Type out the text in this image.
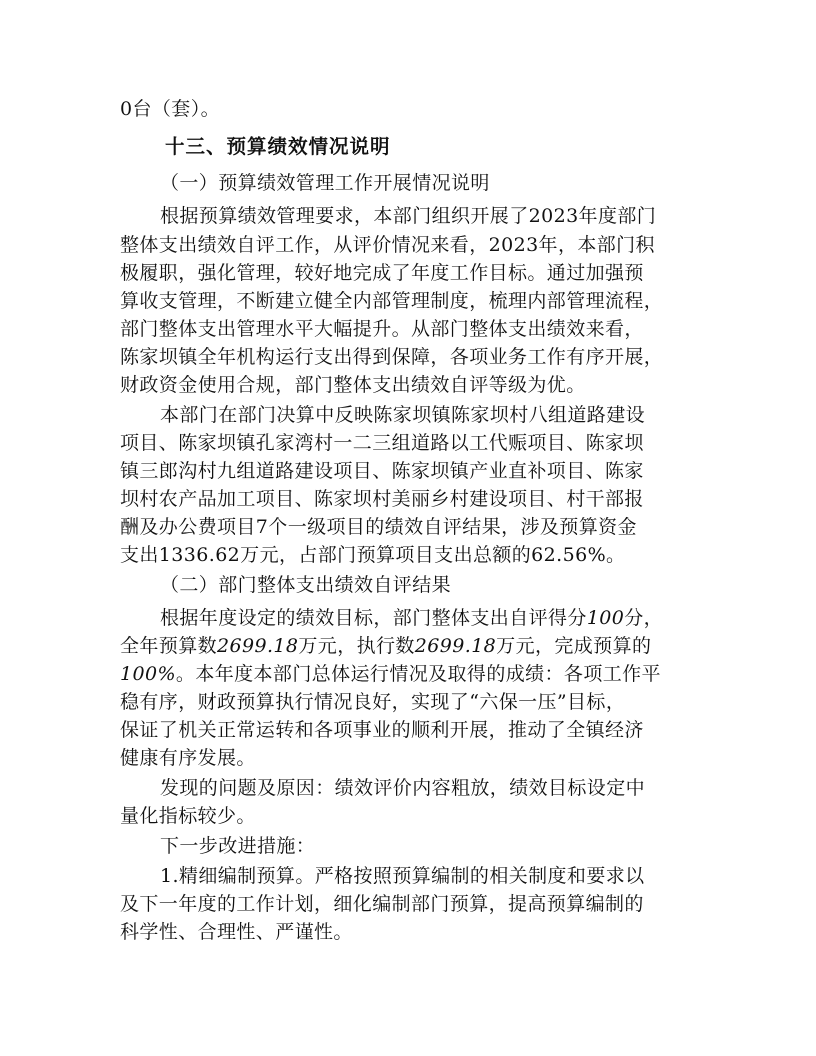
0台（套）。
十三、预算绩效情况说明
（一）预算绩效管理工作开展情况说明
根据预算绩效管理要求，本部门组织开展了2023年度部门
整体支出绩效自评工作，从评价情况来看，2023年，本部门积
极履职，强化管理，较好地完成了年度工作目标。通过加强预
算收支管理，不断建立健全内部管理制度，梳理内部管理流程，
部门整体支出管理水平大幅提升。从部门整体支出绩效来看，
陈家坝镇全年机构运行支出得到保障，各项业务工作有序开展，
财政资金使用合规，部门整体支出绩效自评等级为优。
本部门在部门决算中反映陈家坝镇陈家坝村八组道路建设
项目、陈家坝镇孔家湾村一二三组道路以工代赈项目、陈家坝
镇三郎沟村九组道路建设项目、陈家坝镇产业直补项目、陈家
坝村农产品加工项目、陈家坝村美丽乡村建设项目、村干部报
酬及办公费项目7个一级项目的绩效自评结果，涉及预算资金
支出1336.62万元，占部门预算项目支出总额的62.56%。
（二）部门整体支出绩效自评结果
根据年度设定的绩效目标，部门整体支出自评得分100分，
全年预算数2699.18万元，执行数2699.18万元，完成预算的
100%。本年度本部门总体运行情况及取得的成绩：各项工作平
稳有序，财政预算执行情况良好，实现了“六保一压”目标，
保证了机关正常运转和各项事业的顺利开展，推动了全镇经济
健康有序发展。
发现的问题及原因：绩效评价内容粗放，绩效目标设定中
量化指标较少。
下一步改进措施：
1.精细编制预算。严格按照预算编制的相关制度和要求以
及下一年度的工作计划，细化编制部门预算，提高预算编制的
科学性、合理性、严谨性。
